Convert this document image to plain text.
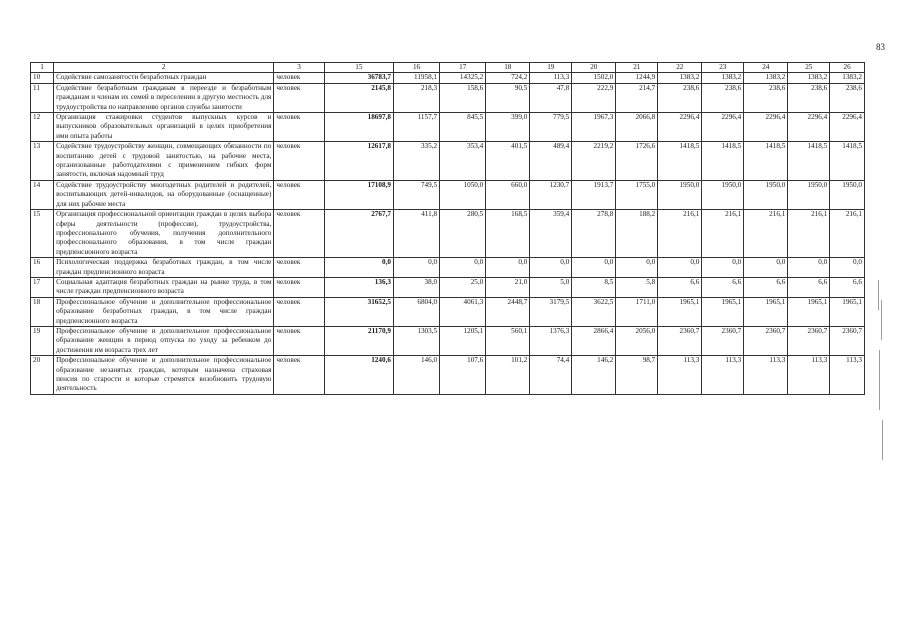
83
1	2	3	15	16	17	18	19	20	21	22	23	24	25	26
10	Содействие самозанятости безработных граждан	человек	36783,7	11958,1	14325,2	724,2	113,3	1502,0	1244,9	1383,2	1383,2	1383,2	1383,2	1383,2
11	Содействие безработным гражданам в переезде и безработным гражданам и членам их семей в переселении в другую местность для трудоустройства по направлению органов службы занятости	человек	2145,8	218,3	158,6	90,5	47,8	222,9	214,7	238,6	238,6	238,6	238,6	238,6
12	Организация стажировки студентов выпускных курсов и выпускников образовательных организаций в целях приобретения ими опыта работы	человек	18697,8	1157,7	845,5	399,0	779,5	1967,3	2066,8	2296,4	2296,4	2296,4	2296,4	2296,4
13	Содействие трудоустройству женщин, совмещающих обязанности по воспитанию детей с трудовой занятостью, на рабочие места, организованные работодателями с применением гибких форм занятости, включая надомный труд	человек	12617,8	335,2	353,4	401,5	489,4	2219,2	1726,6	1418,5	1418,5	1418,5	1418,5	1418,5
14	Содействие трудоустройству многодетных родителей и родителей, воспитывающих детей-инвалидов, на оборудованные (оснащенные) для них рабочие места	человек	17108,9	749,5	1050,0	660,0	1230,7	1913,7	1755,0	1950,0	1950,0	1950,0	1950,0	1950,0
15	Организация профессиональной ориентации граждан в целях выбора сферы деятельности (профессии), трудоустройства, профессионального обучения, получения дополнительного профессионального образования, в том числе граждан предпенсионного возраста	человек	2767,7	411,8	280,5	168,5	359,4	278,8	188,2	216,1	216,1	216,1	216,1	216,1
16	Психологическая поддержка безработных граждан, в том числе граждан предпенсионного возраста	человек	0,0	0,0	0,0	0,0	0,0	0,0	0,0	0,0	0,0	0,0	0,0	0,0
17	Социальная адаптация безработных граждан на рынке труда, в том числе граждан предпенсионного возраста	человек	136,3	38,0	25,0	21,0	5,0	8,5	5,8	6,6	6,6	6,6	6,6	6,6
18	Профессиональное обучение и дополнительное профессиональное образование безработных граждан, в том числе граждан предпенсионного возраста	человек	31652,5	6804,0	4061,3	2448,7	3179,5	3622,5	1711,0	1965,1	1965,1	1965,1	1965,1	1965,1
19	Профессиональное обучение и дополнительное профессиональное образование женщин в период отпуска по уходу за ребенком до достижения им возраста трех лет	человек	21170,9	1303,5	1205,1	560,1	1376,3	2866,4	2056,0	2360,7	2360,7	2360,7	2360,7	2360,7
20	Профессиональное обучение и дополнительное профессиональное образование незанятых граждан, которым назначена страховая пенсия по старости и которые стремятся возобновить трудовую деятельность	человек	1240,6	146,0	107,6	101,2	74,4	146,2	98,7	113,3	113,3	113,3	113,3	113,3
